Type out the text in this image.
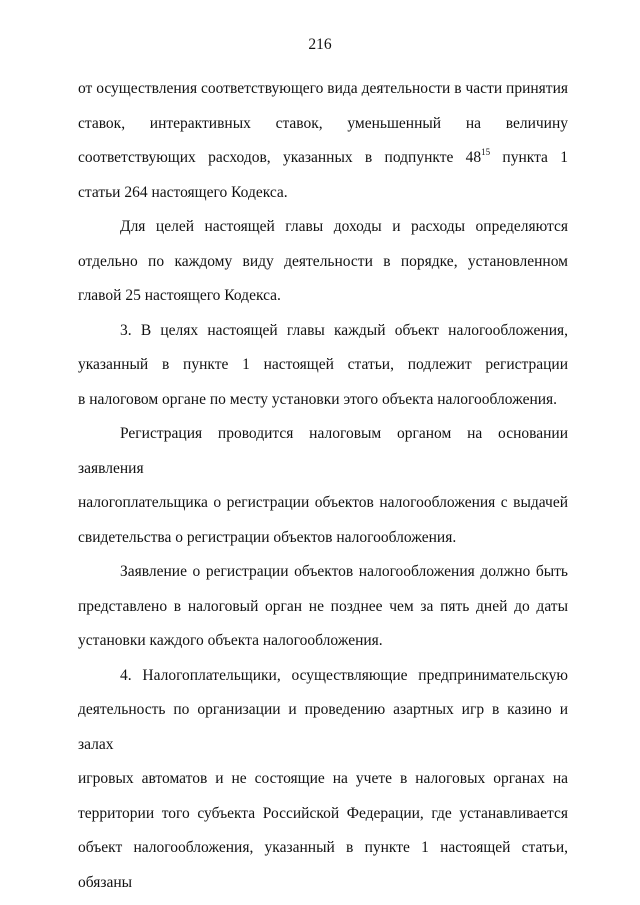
216
от осуществления соответствующего вида деятельности в части принятия
ставок, интерактивных ставок, уменьшенный на величину
соответствующих расходов, указанных в подпункте $48^{15}$ пункта 1
статьи 264 настоящего Кодекса.
Для целей настоящей главы доходы и расходы определяются
отдельно по каждому виду деятельности в порядке, установленном
главой 25 настоящего Кодекса.
3. В целях настоящей главы каждый объект налогообложения,
указанный в пункте 1 настоящей статьи, подлежит регистрации
в налоговом органе по месту установки этого объекта налогообложения.
Регистрация проводится налоговым органом на основании заявления
налогоплательщика о регистрации объектов налогообложения с выдачей
свидетельства о регистрации объектов налогообложения.
Заявление о регистрации объектов налогообложения должно быть
представлено в налоговый орган не позднее чем за пять дней до даты
установки каждого объекта налогообложения.
4. Налогоплательщики, осуществляющие предпринимательскую
деятельность по организации и проведению азартных игр в казино и залах
игровых автоматов и не состоящие на учете в налоговых органах на
территории того субъекта Российской Федерации, где устанавливается
объект налогообложения, указанный в пункте 1 настоящей статьи, обязаны
